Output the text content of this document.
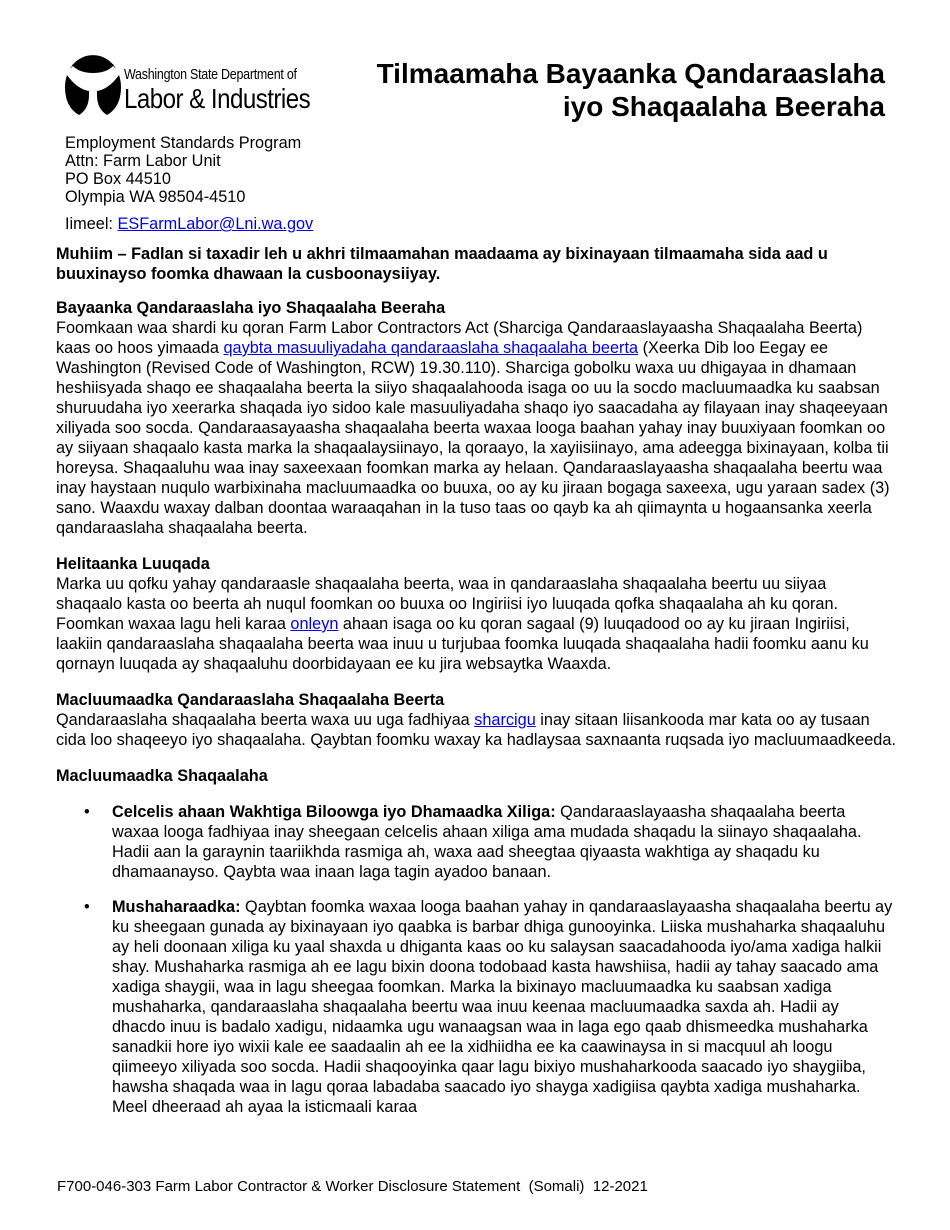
Washington State Department of
Labor & Industries
Tilmaamaha Bayaanka Qandaraaslaha
iyo Shaqaalaha Beeraha
Employment Standards Program
Attn: Farm Labor Unit
PO Box 44510
Olympia WA 98504-4510
Iimeel: ESFarmLabor@Lni.wa.gov

Muhiim – Fadlan si taxadir leh u akhri tilmaamahan maadaama ay bixinayaan tilmaamaha sida aad u buuxinayso foomka dhawaan la cusboonaysiiyay.

Bayaanka Qandaraaslaha iyo Shaqaalaha Beeraha

Foomkaan waa shardi ku qoran Farm Labor Contractors Act (Sharciga Qandaraaslayaasha Shaqaalaha Beerta) kaas oo hoos yimaada qaybta masuuliyadaha qandaraaslaha shaqaalaha beerta (Xeerka Dib loo Eegay ee Washington (Revised Code of Washington, RCW) 19.30.110). Sharciga gobolku waxa uu dhigayaa in dhamaan heshiisyada shaqo ee shaqaalaha beerta la siiyo shaqaalahooda isaga oo uu la socdo macluumaadka ku saabsan shuruudaha iyo xeerarka shaqada iyo sidoo kale masuuliyadaha shaqo iyo saacadaha ay filayaan inay shaqeeyaan xiliyada soo socda. Qandaraasayaasha shaqaalaha beerta waxaa looga baahan yahay inay buuxiyaan foomkan oo ay siiyaan shaqaalo kasta marka la shaqaalaysiinayo, la qoraayo, la xayiisiinayo, ama adeegga bixinayaan, kolba tii horeysa. Shaqaaluhu waa inay saxeexaan foomkan marka ay helaan. Qandaraaslayaasha shaqaalaha beertu waa inay haystaan nuqulo warbixinaha macluumaadka oo buuxa, oo ay ku jiraan bogaga saxeexa, ugu yaraan sadex (3) sano. Waaxdu waxay dalban doontaa waraaqahan in la tuso taas oo qayb ka ah qiimaynta u hogaansanka xeerla qandaraaslaha shaqaalaha beerta.

Helitaanka Luuqada

Marka uu qofku yahay qandaraasle shaqaalaha beerta, waa in qandaraaslaha shaqaalaha beertu uu siiyaa shaqaalo kasta oo beerta ah nuqul foomkan oo buuxa oo Ingiriisi iyo luuqada qofka shaqaalaha ah ku qoran. Foomkan waxaa lagu heli karaa onleyn ahaan isaga oo ku qoran sagaal (9) luuqadood oo ay ku jiraan Ingiriisi, laakiin qandaraaslaha shaqaalaha beerta waa inuu u turjubaa foomka luuqada shaqaalaha hadii foomku aanu ku qornayn luuqada ay shaqaaluhu doorbidayaan ee ku jira websaytka Waaxda.

Macluumaadka Qandaraaslaha Shaqaalaha Beerta

Qandaraaslaha shaqaalaha beerta waxa uu uga fadhiyaa sharcigu inay sitaan liisankooda mar kata oo ay tusaan cida loo shaqeeyo iyo shaqaalaha. Qaybtan foomku waxay ka hadlaysaa saxnaanta ruqsada iyo macluumaadkeeda.

Macluumaadka Shaqaalaha
• Celcelis ahaan Wakhtiga Biloowga iyo Dhamaadka Xiliga: Qandaraaslayaasha shaqaalaha beerta waxaa looga fadhiyaa inay sheegaan celcelis ahaan xiliga ama mudada shaqadu la siinayo shaqaalaha. Hadii aan la garaynin taariikhda rasmiga ah, waxa aad sheegtaa qiyaasta wakhtiga ay shaqadu ku dhamaanayso. Qaybta waa inaan laga tagin ayadoo banaan.
• Mushaharaadka: Qaybtan foomka waxaa looga baahan yahay in qandaraaslayaasha shaqaalaha beertu ay ku sheegaan gunada ay bixinayaan iyo qaabka is barbar dhiga gunooyinka. Liiska mushaharka shaqaaluhu ay heli doonaan xiliga ku yaal shaxda u dhiganta kaas oo ku salaysan saacadahooda iyo/ama xadiga halkii shay. Mushaharka rasmiga ah ee lagu bixin doona todobaad kasta hawshiisa, hadii ay tahay saacado ama xadiga shaygii, waa in lagu sheegaa foomkan. Marka la bixinayo macluumaadka ku saabsan xadiga mushaharka, qandaraaslaha shaqaalaha beertu waa inuu keenaa macluumaadka saxda ah. Hadii ay dhacdo inuu is badalo xadigu, nidaamka ugu wanaagsan waa in laga ego qaab dhismeedka mushaharka sanadkii hore iyo wixii kale ee saadaalin ah ee la xidhiidha ee ka caawinaysa in si macquul ah loogu qiimeeyo xiliyada soo socda. Hadii shaqooyinka qaar lagu bixiyo mushaharkooda saacado iyo shaygiiba, hawsha shaqada waa in lagu qoraa labadaba saacado iyo shayga xadigiisa qaybta xadiga mushaharka. Meel dheeraad ah ayaa la isticmaali karaa
F700-046-303 Farm Labor Contractor & Worker Disclosure Statement  (Somali)  12-2021
